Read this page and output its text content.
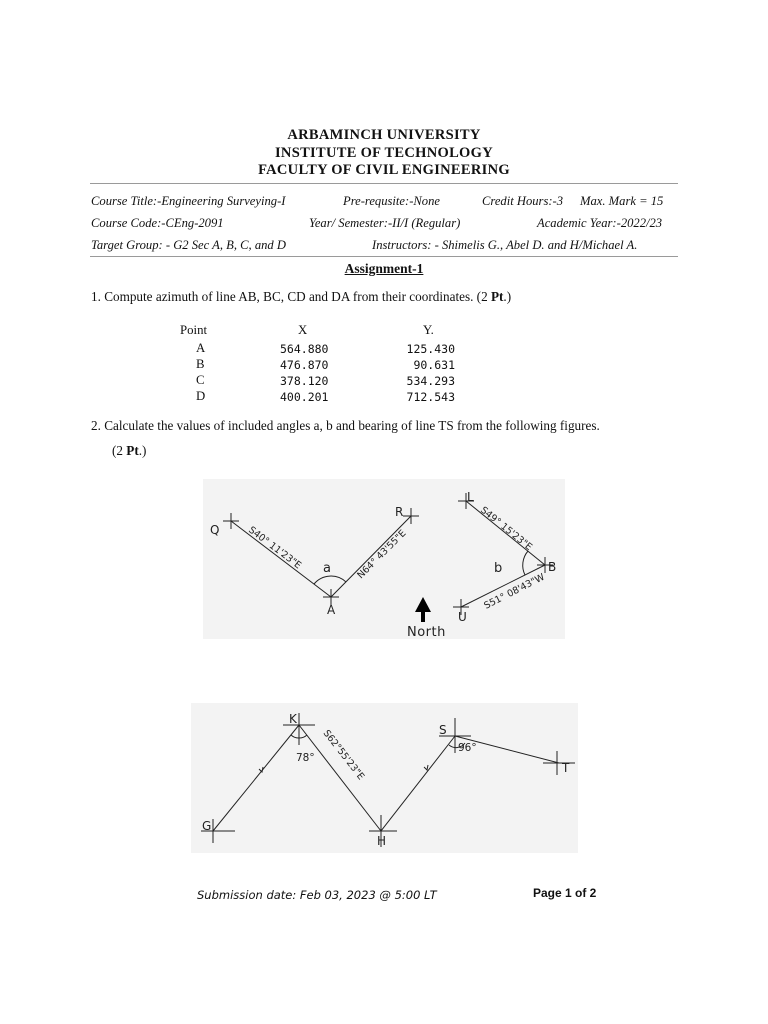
ARBAMINCH UNIVERSITY
INSTITUTE OF TECHNOLOGY
FACULTY OF CIVIL ENGINEERING
Course Title:-Engineering Surveying-I	Pre-requsite:-None	Credit Hours:-3 Max. Mark = 15
Course Code:-CEng-2091	Year/ Semester:-II/I (Regular)	Academic Year:-2022/23
Target Group: - G2 Sec A, B, C, and D	Instructors: - Shimelis G., Abel D. and H/Michael A.
Assignment-1
1. Compute azimuth of line AB, BC, CD and DA from their coordinates. (2 Pt.)
Point	X	Y.
A	564.880	125.430
B	476.870	90.631
C	378.120	534.293
D	400.201	712.543
2. Calculate the values of included angles a, b and bearing of line TS from the following figures.
(2 Pt.)
Q
R
A
L
B
U
a	b
North
S40° 11'23"E	N64° 43'55"E	S49° 15'23"E
S51° 08'43"W
G
K
H
S
T
78°
96°
S62°55'23"E
Submission date: Feb 03, 2023 @ 5:00 LT	Page 1 of 2
